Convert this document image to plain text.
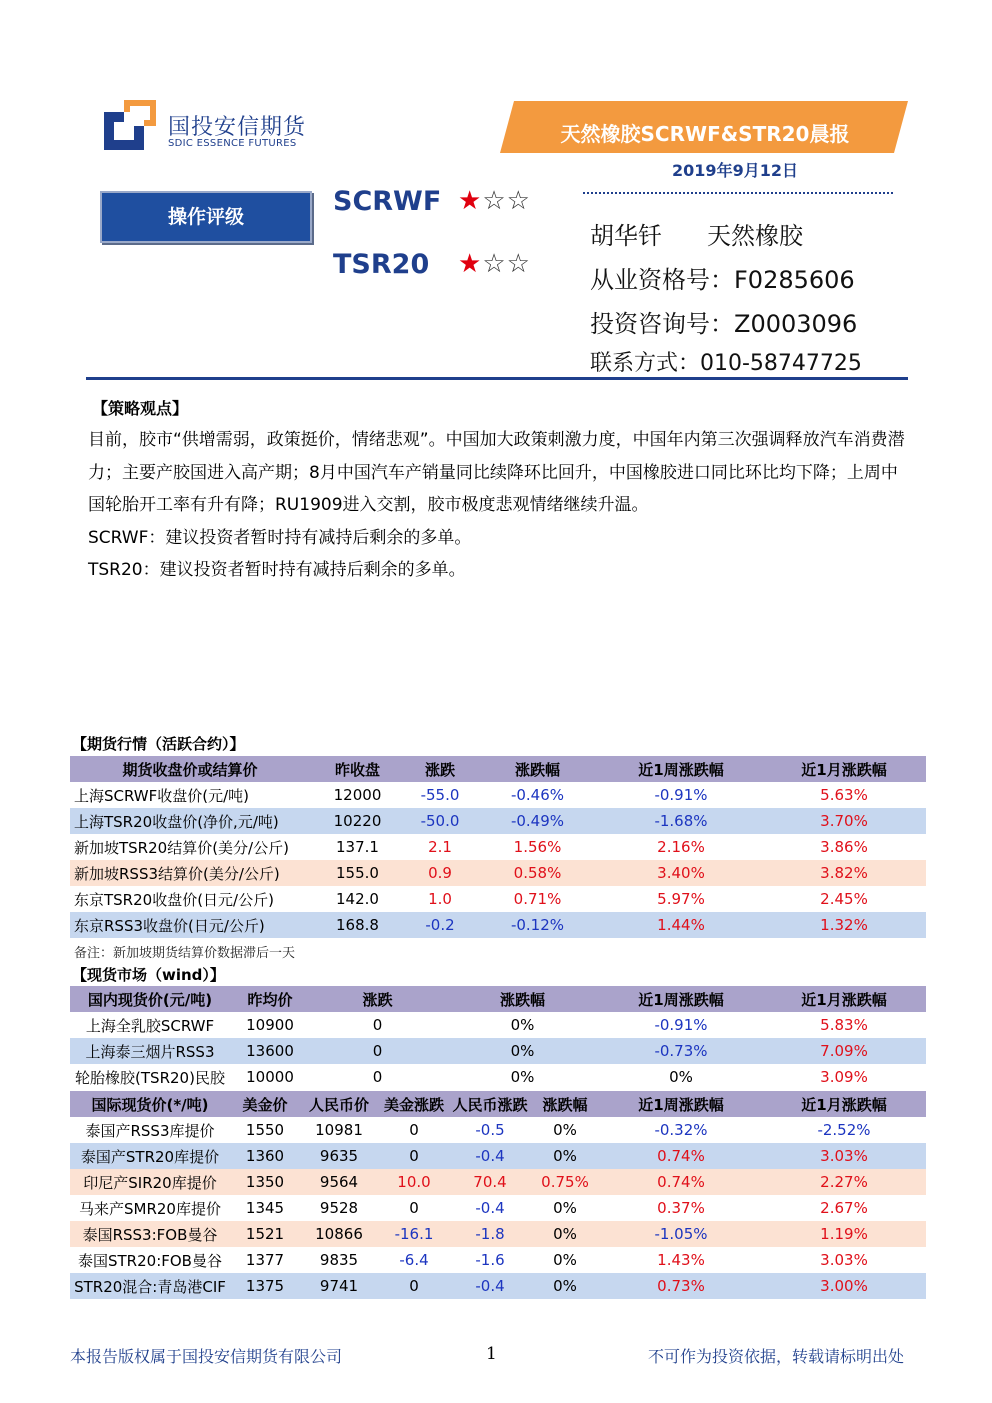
国投安信期货
SDIC ESSENCE FUTURES	天然橡胶SCRWF&STR20晨报
2019年9月12日
操作评级	SCRWF ★☆☆
TSR20 ★☆☆
胡华钎 天然橡胶
从业资格号：F0285606
投资咨询号：Z0003096
联系方式：010-58747725
【策略观点】
目前，胶市“供增需弱，政策挺价，情绪悲观”。中国加大政策刺激力度，中国年内第三次强调释放汽车消费潜力；主要产胶国进入高产期；8月中国汽车产销量同比续降环比回升，中国橡胶进口同比环比均下降；上周中国轮胎开工率有升有降；RU1909进入交割，胶市极度悲观情绪继续升温。
SCRWF：建议投资者暂时持有减持后剩余的多单。
TSR20：建议投资者暂时持有减持后剩余的多单。
【期货行情（活跃合约）】
期货收盘价或结算价	昨收盘	涨跌	涨跌幅	近1周涨跌幅	近1月涨跌幅
上海SCRWF收盘价(元/吨)	12000	-55.0	-0.46%	-0.91%	5.63%
上海TSR20收盘价(净价,元/吨)	10220	-50.0	-0.49%	-1.68%	3.70%
新加坡TSR20结算价(美分/公斤)	137.1	2.1	1.56%	2.16%	3.86%
新加坡RSS3结算价(美分/公斤)	155.0	0.9	0.58%	3.40%	3.82%
东京TSR20收盘价(日元/公斤)	142.0	1.0	0.71%	5.97%	2.45%
东京RSS3收盘价(日元/公斤)	168.8	-0.2	-0.12%	1.44%	1.32%
备注：新加坡期货结算价数据滞后一天
【现货市场（wind）】
国内现货价(元/吨)	昨均价	涨跌	涨跌幅	近1周涨跌幅	近1月涨跌幅
上海全乳胶SCRWF	10900	0	0%	-0.91%	5.83%
上海泰三烟片RSS3	13600	0	0%	-0.73%	7.09%
轮胎橡胶(TSR20)民胶	10000	0	0%	0%	3.09%
国际现货价(*/吨)	美金价	人民币价	美金涨跌	人民币涨跌	涨跌幅	近1周涨跌幅	近1月涨跌幅
泰国产RSS3库提价	1550	10981	0	-0.5	0%	-0.32%	-2.52%
泰国产STR20库提价	1360	9635	0	-0.4	0%	0.74%	3.03%
印尼产SIR20库提价	1350	9564	10.0	70.4	0.75%	0.74%	2.27%
马来产SMR20库提价	1345	9528	0	-0.4	0%	0.37%	2.67%
泰国RSS3:FOB曼谷	1521	10866	-16.1	-1.8	0%	-1.05%	1.19%
泰国STR20:FOB曼谷	1377	9835	-6.4	-1.6	0%	1.43%	3.03%
STR20混合:青岛港CIF	1375	9741	0	-0.4	0%	0.73%	3.00%
本报告版权属于国投安信期货有限公司	1	不可作为投资依据，转载请标明出处
